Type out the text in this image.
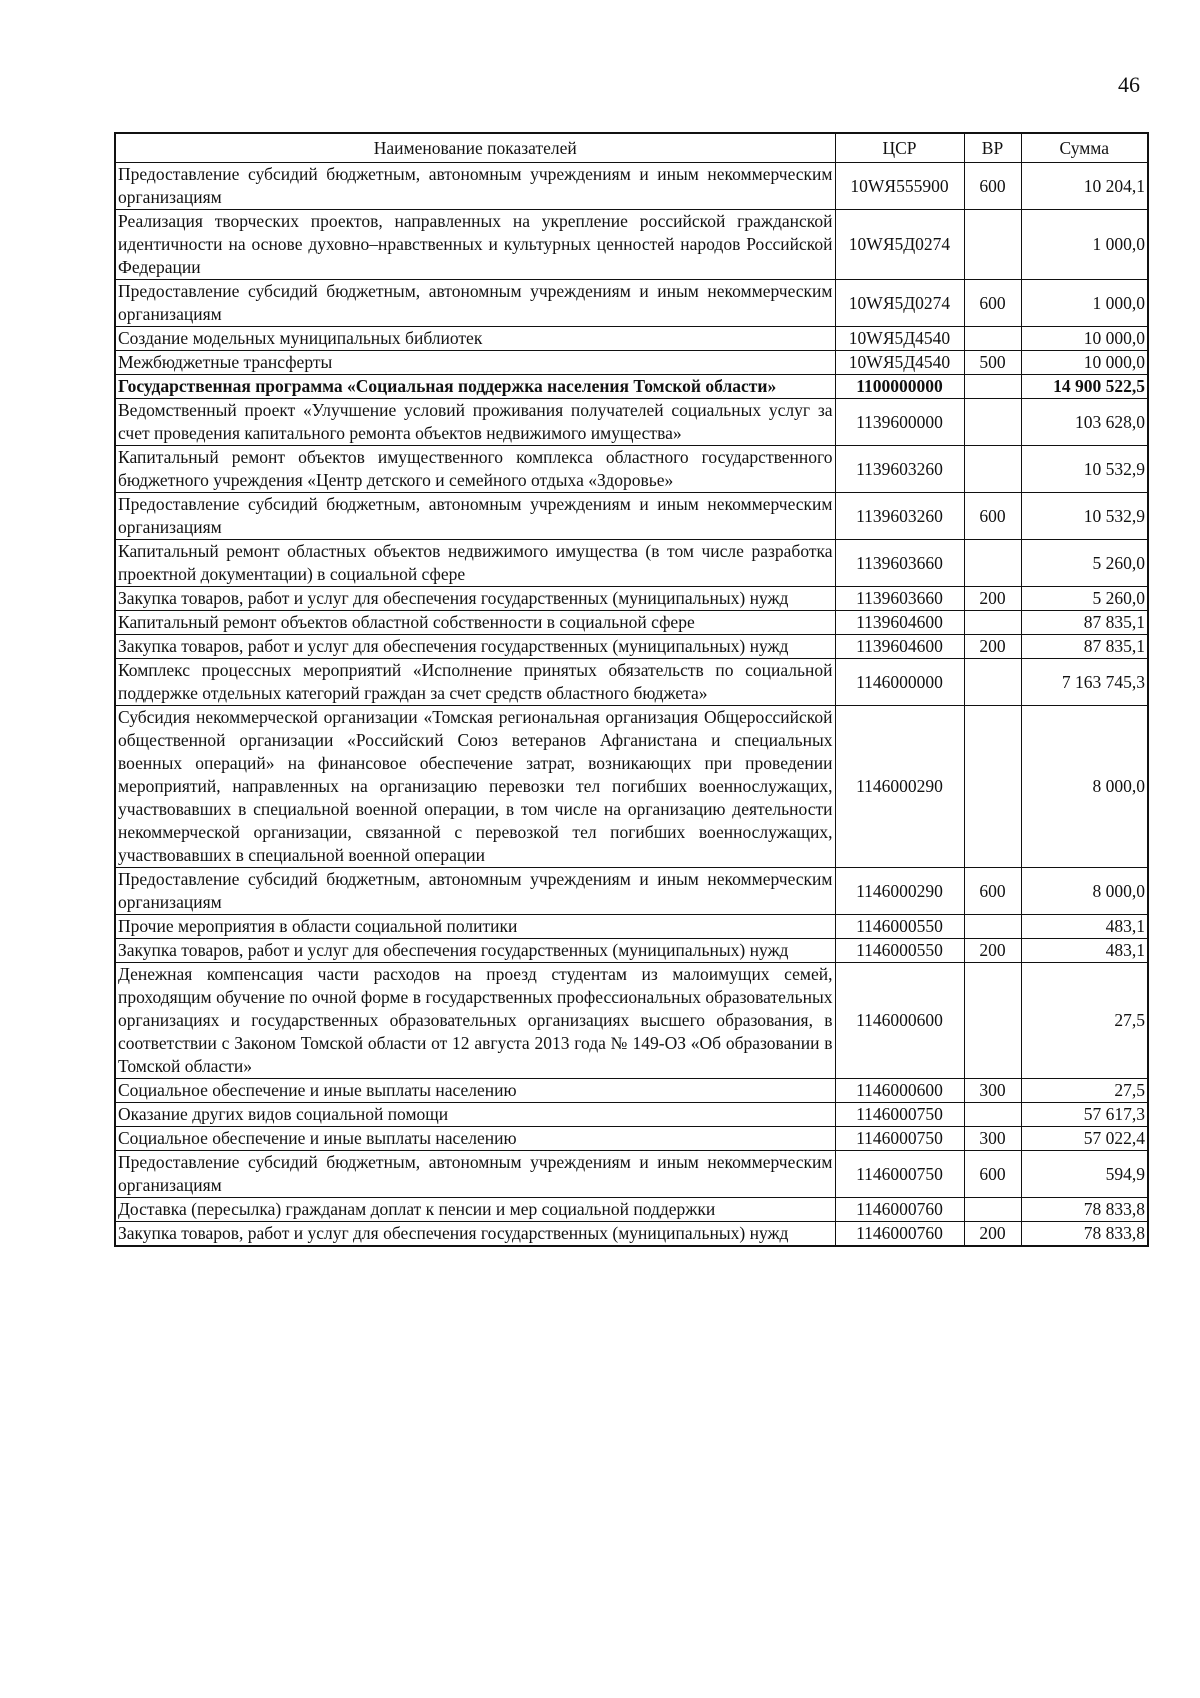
46
Наименование показателей	ЦСР	ВР	Сумма
Предоставление субсидий бюджетным, автономным учреждениям и иным некоммерческим организациям	10WЯ555900	600	10 204,1
Реализация творческих проектов, направленных на укрепление российской гражданской идентичности на основе духовно–нравственных и культурных ценностей народов Российской Федерации	10WЯ5Д0274		1 000,0
Предоставление субсидий бюджетным, автономным учреждениям и иным некоммерческим организациям	10WЯ5Д0274	600	1 000,0
Создание модельных муниципальных библиотек	10WЯ5Д4540		10 000,0
Межбюджетные трансферты	10WЯ5Д4540	500	10 000,0
Государственная программа «Социальная поддержка населения Томской области»	1100000000		14 900 522,5
Ведомственный проект «Улучшение условий проживания получателей социальных услуг за счет проведения капитального ремонта объектов недвижимого имущества»	1139600000		103 628,0
Капитальный ремонт объектов имущественного комплекса областного государственного бюджетного учреждения «Центр детского и семейного отдыха «Здоровье»	1139603260		10 532,9
Предоставление субсидий бюджетным, автономным учреждениям и иным некоммерческим организациям	1139603260	600	10 532,9
Капитальный ремонт областных объектов недвижимого имущества (в том числе разработка проектной документации) в социальной сфере	1139603660		5 260,0
Закупка товаров, работ и услуг для обеспечения государственных (муниципальных) нужд	1139603660	200	5 260,0
Капитальный ремонт объектов областной собственности в социальной сфере	1139604600		87 835,1
Закупка товаров, работ и услуг для обеспечения государственных (муниципальных) нужд	1139604600	200	87 835,1
Комплекс процессных мероприятий «Исполнение принятых обязательств по социальной поддержке отдельных категорий граждан за счет средств областного бюджета»	1146000000		7 163 745,3
Субсидия некоммерческой организации «Томская региональная организация Общероссийской общественной организации «Российский Союз ветеранов Афганистана и специальных военных операций» на финансовое обеспечение затрат, возникающих при проведении мероприятий, направленных на организацию перевозки тел погибших военнослужащих, участвовавших в специальной военной операции, в том числе на организацию деятельности некоммерческой организации, связанной с перевозкой тел погибших военнослужащих, участвовавших в специальной военной операции	1146000290		8 000,0
Предоставление субсидий бюджетным, автономным учреждениям и иным некоммерческим организациям	1146000290	600	8 000,0
Прочие мероприятия в области социальной политики	1146000550		483,1
Закупка товаров, работ и услуг для обеспечения государственных (муниципальных) нужд	1146000550	200	483,1
Денежная компенсация части расходов на проезд студентам из малоимущих семей, проходящим обучение по очной форме в государственных профессиональных образовательных организациях и государственных образовательных организациях высшего образования, в соответствии с Законом Томской области от 12 августа 2013 года № 149-ОЗ «Об образовании в Томской области»	1146000600		27,5
Социальное обеспечение и иные выплаты населению	1146000600	300	27,5
Оказание других видов социальной помощи	1146000750		57 617,3
Социальное обеспечение и иные выплаты населению	1146000750	300	57 022,4
Предоставление субсидий бюджетным, автономным учреждениям и иным некоммерческим организациям	1146000750	600	594,9
Доставка (пересылка) гражданам доплат к пенсии и мер социальной поддержки	1146000760		78 833,8
Закупка товаров, работ и услуг для обеспечения государственных (муниципальных) нужд	1146000760	200	78 833,8
